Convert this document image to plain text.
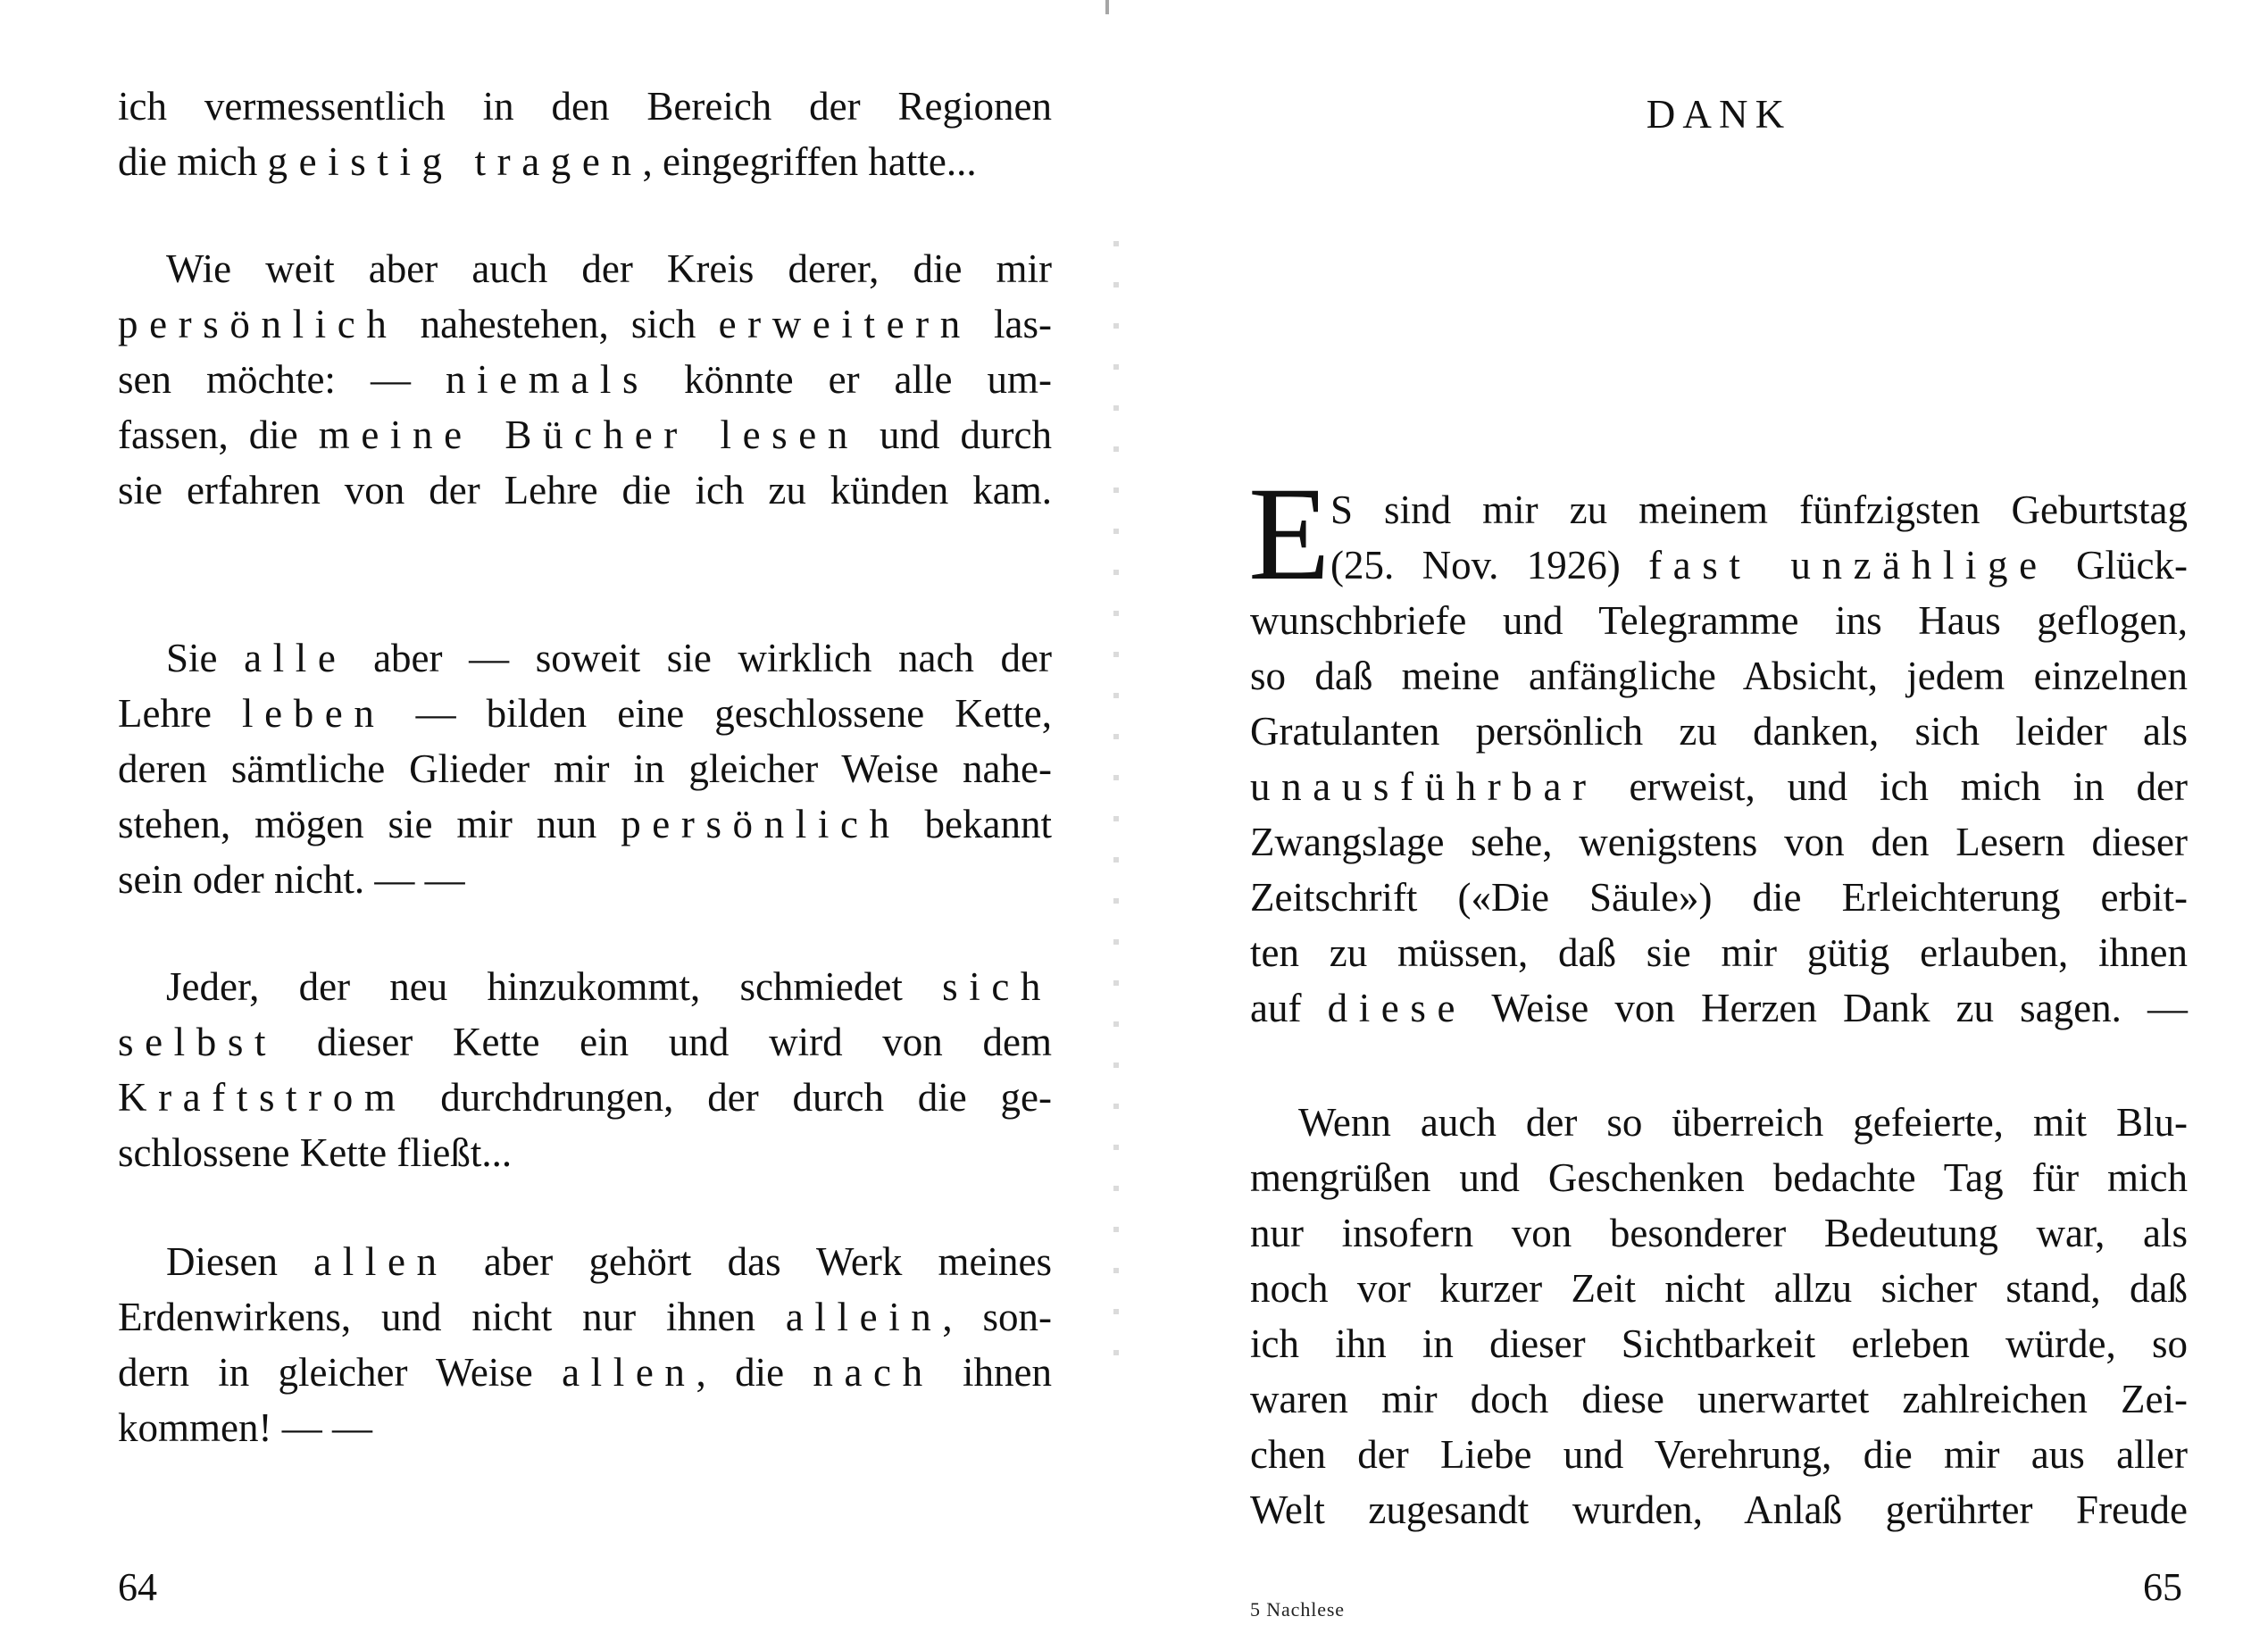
ich vermessentlich in den Bereich der Regionen
die mich geistig tragen, eingegriffen hatte...
Wie weit aber auch der Kreis derer, die mir
persönlich nahestehen, sich erweitern las-
sen möchte: — niemals könnte er alle um-
fassen, die meine Bücher lesen und durch
sie erfahren von der Lehre die ich zu künden kam.
Sie alle aber — soweit sie wirklich nach der
Lehre leben — bilden eine geschlossene Kette,
deren sämtliche Glieder mir in gleicher Weise nahe-
stehen, mögen sie mir nun persönlich bekannt
sein oder nicht. — —
Jeder, der neu hinzukommt, schmiedet sich
selbst dieser Kette ein und wird von dem
Kraftstrom durchdrungen, der durch die ge-
schlossene Kette fließt...
Diesen allen aber gehört das Werk meines
Erdenwirkens, und nicht nur ihnen allein, son-
dern in gleicher Weise allen, die nach ihnen
kommen! — —
64
DANK
E S sind mir zu meinem fünfzigsten Geburtstag
(25. Nov. 1926) fast unzählige Glück-
wunschbriefe und Telegramme ins Haus geflogen,
so daß meine anfängliche Absicht, jedem einzelnen
Gratulanten persönlich zu danken, sich leider als
unausführbar erweist, und ich mich in der
Zwangslage sehe, wenigstens von den Lesern dieser
Zeitschrift («Die Säule») die Erleichterung erbit-
ten zu müssen, daß sie mir gütig erlauben, ihnen
auf diese Weise von Herzen Dank zu sagen. —
Wenn auch der so überreich gefeierte, mit Blu-
mengrüßen und Geschenken bedachte Tag für mich
nur insofern von besonderer Bedeutung war, als
noch vor kurzer Zeit nicht allzu sicher stand, daß
ich ihn in dieser Sichtbarkeit erleben würde, so
waren mir doch diese unerwartet zahlreichen Zei-
chen der Liebe und Verehrung, die mir aus aller
Welt zugesandt wurden, Anlaß gerührter Freude
5 Nachlese
65
